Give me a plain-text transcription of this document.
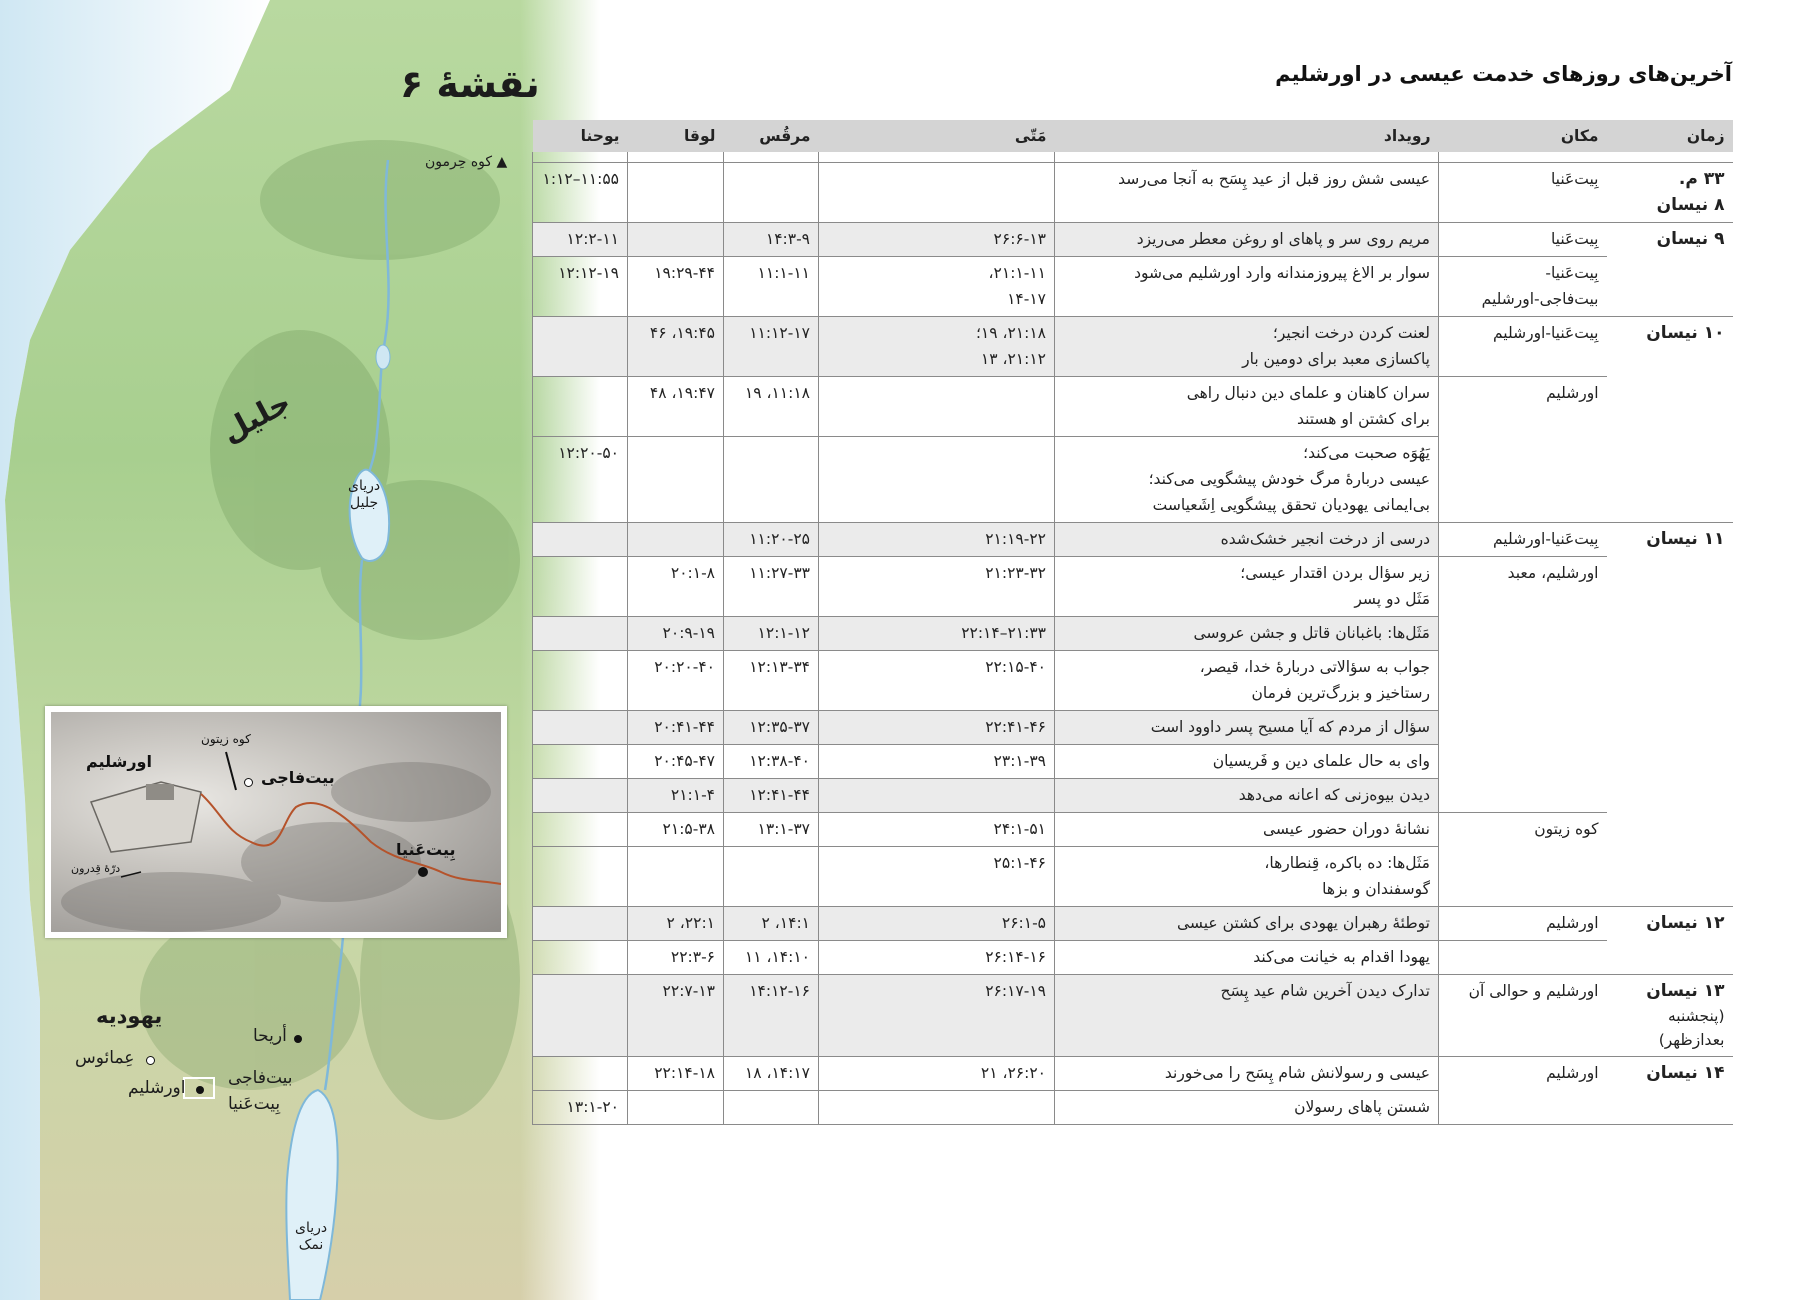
نقشهٔ ۶
▲ کوه حِرمون
جلیل
دریای
جلیل
یهودیه
أریحا
عِمائوس
بیت‌فاجی
اورشلیم
بِیت‌عَنیا
دریای
نمک
کوه زیتون
اورشلیم
بیت‌فاجی
بِیت‌عَنیا
درّهٔ قِدرون
آخرین‌های روزهای خدمت عیسی در اورشلیم
زمان	مکان	رویداد	مَتّی	مرقُس	لوقا	یوحنا

۳۳ م.
۸ نیسان	بِیت‌عَنیا	عیسی شش روز قبل از عید پِسَح به آنجا می‌رسد				۱۱:۵۵–۱:۱۲

۹ نیسان	بِیت‌عَنیا	مریم روی سر و پاهای او روغن معطر می‌ریزد	۲۶:۶-۱۳	۱۴:۳-۹		۱۲:۲-۱۱

	بِیت‌عَنیا-
بیت‌فاجی-اورشلیم	سوار بر الاغ پیروزمندانه وارد اورشلیم می‌شود	۲۱:۱-۱۱،
۱۴-۱۷	۱۱:۱-۱۱	۱۹:۲۹-۴۴	۱۲:۱۲-۱۹

۱۰ نیسان	بِیت‌عَنیا-اورشلیم	لعنت کردن درخت انجیر؛
پاکسازی معبد برای دومین بار	۲۱:۱۸، ۱۹؛
۲۱:۱۲، ۱۳	۱۱:۱۲-۱۷	۱۹:۴۵، ۴۶	

	اورشلیم	سران کاهنان و علمای دین دنبال راهی
برای کشتن او هستند		۱۱:۱۸، ۱۹	۱۹:۴۷، ۴۸	

		یَهُوَه صحبت می‌کند؛
عیسی دربارهٔ مرگ خودش پیشگویی می‌کند؛
بی‌ایمانی یهودیان تحقق پیشگویی اِشَعیاست				۱۲:۲۰-۵۰

۱۱ نیسان	بِیت‌عَنیا-اورشلیم	درسی از درخت انجیر خشک‌شده	۲۱:۱۹-۲۲	۱۱:۲۰-۲۵		

	اورشلیم، معبد	زیر سؤال بردن اقتدار عیسی؛
مَثَل دو پسر	۲۱:۲۳-۳۲	۱۱:۲۷-۳۳	۲۰:۱-۸	

		مَثَل‌ها: باغبانان قاتل و جشن عروسی	۲۱:۳۳–۲۲:۱۴	۱۲:۱-۱۲	۲۰:۹-۱۹	

		جواب به سؤالاتی دربارهٔ خدا، قیصر،
رستاخیز و بزرگ‌ترین فرمان	۲۲:۱۵-۴۰	۱۲:۱۳-۳۴	۲۰:۲۰-۴۰	

		سؤال از مردم که آیا مسیح پسر داوود است	۲۲:۴۱-۴۶	۱۲:۳۵-۳۷	۲۰:۴۱-۴۴	

		وای به حال علمای دین و فَریسیان	۲۳:۱-۳۹	۱۲:۳۸-۴۰	۲۰:۴۵-۴۷	

		دیدن بیوه‌زنی که اعانه می‌دهد		۱۲:۴۱-۴۴	۲۱:۱-۴	

	کوه زیتون	نشانهٔ دوران حضور عیسی	۲۴:۱-۵۱	۱۳:۱-۳۷	۲۱:۵-۳۸	

		مَثَل‌ها: ده باکره، قِنطارها،
گوسفندان و بزها	۲۵:۱-۴۶			

۱۲ نیسان	اورشلیم	توطئهٔ رهبران یهودی برای کشتن عیسی	۲۶:۱-۵	۱۴:۱، ۲	۲۲:۱، ۲	

		یهودا اقدام به خیانت می‌کند	۲۶:۱۴-۱۶	۱۴:۱۰، ۱۱	۲۲:۳-۶	

۱۳ نیسان
(پنجشنبه
بعدازظهر)	اورشلیم و حوالی آن	تدارک دیدن آخرین شام عید پِسَح	۲۶:۱۷-۱۹	۱۴:۱۲-۱۶	۲۲:۷-۱۳	

۱۴ نیسان	اورشلیم	عیسی و رسولانش شام پِسَح را می‌خورند	۲۶:۲۰، ۲۱	۱۴:۱۷، ۱۸	۲۲:۱۴-۱۸	

		شستن پاهای رسولان				۱۳:۱-۲۰
